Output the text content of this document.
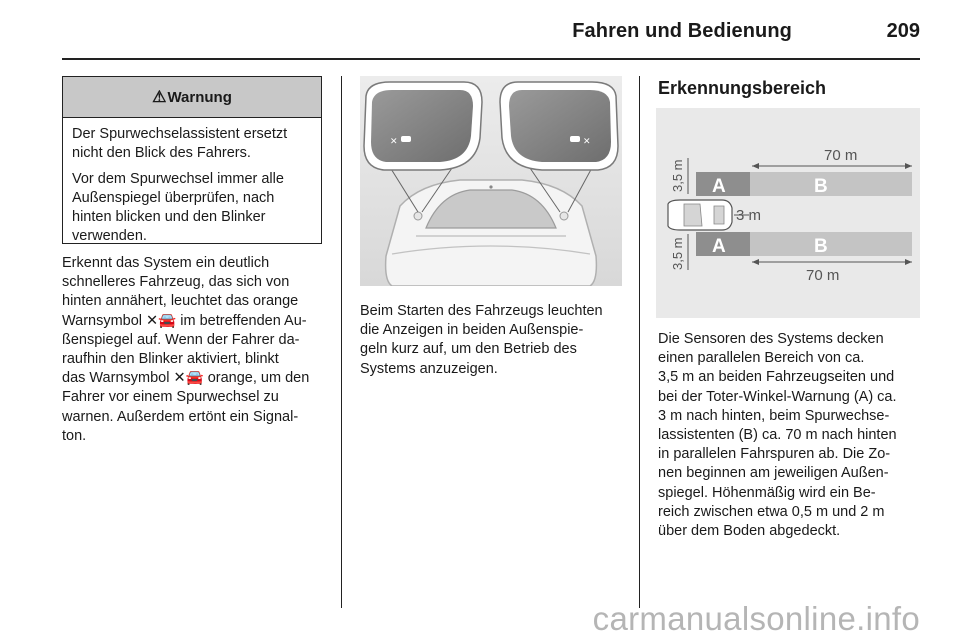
Fahren und Bedienung	209
⚠ Warnung

Der Spurwechselassistent ersetzt nicht den Blick des Fahrers.

Vor dem Spurwechsel immer alle Außenspiegel überprüfen, nach hinten blicken und den Blinker verwenden.

Erkennt das System ein deutlich

schnelleres Fahrzeug, das sich von

hinten annähert, leuchtet das orange

Warnsymbol ✕🚘 im betreffenden Au-

ßenspiegel auf. Wenn der Fahrer da-

raufhin den Blinker aktiviert, blinkt

das Warnsymbol ✕🚘 orange, um den

Fahrer vor einem Spurwechsel zu

warnen. Außerdem ertönt ein Signal-

ton.

✕	✕

Beim Starten des Fahrzeugs leuchten

die Anzeigen in beiden Außenspie-

geln kurz auf, um den Betrieb des

Systems anzuzeigen.

Erkennungsbereich
70 m
A	B
3,5 m
3 m
A	B
3,5 m
70 m

Die Sensoren des Systems decken

einen parallelen Bereich von ca.

3,5 m an beiden Fahrzeugseiten und

bei der Toter-Winkel-Warnung (A) ca.

3 m nach hinten, beim Spurwechse-

lassistenten (B) ca. 70 m nach hinten

in parallelen Fahrspuren ab. Die Zo-

nen beginnen am jeweiligen Außen-

spiegel. Höhenmäßig wird ein Be-

reich zwischen etwa 0,5 m und 2 m

über dem Boden abgedeckt.

carmanualsonline.info
